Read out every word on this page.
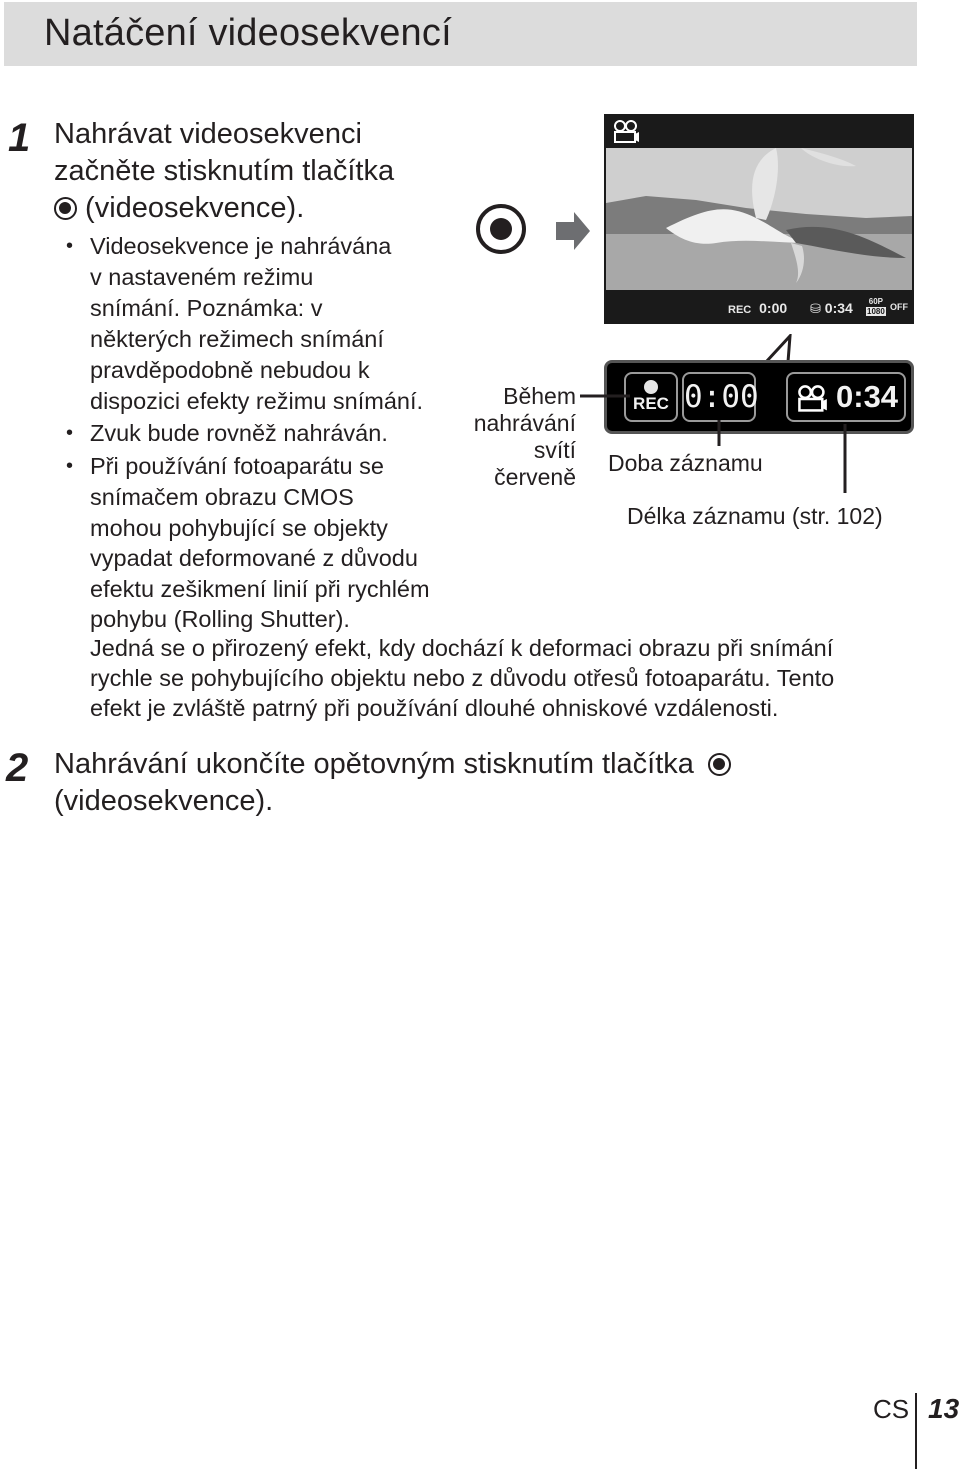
Natáčení videosekvencí
1 Nahrávat videosekvenci
začněte stisknutím tlačítka
(videosekvence).
• Videosekvence je nahrávána
v nastaveném režimu
snímání. Poznámka: v
některých režimech snímání
pravděpodobně nebudou k
dispozici efekty režimu snímání.
• Zvuk bude rovněž nahráván.
• Při používání fotoaparátu se
snímačem obrazu CMOS
mohou pohybující se objekty
vypadat deformované z důvodu
efektu zešikmení linií při rychlém
pohybu (Rolling Shutter).
Jedná se o přirozený efekt, kdy dochází k deformaci obrazu při snímání
rychle se pohybujícího objektu nebo z důvodu otřesů fotoaparátu. Tento
efekt je zvláště patrný při používání dlouhé ohniskové vzdálenosti.
REC 0:00 ⛁ 0:34	60P
1080 OFF
REC 0:00 0:34
Během
nahrávání
svítí
červeně
Doba záznamu
Délka záznamu (str. 102)
2 Nahrávání ukončíte opětovným stisknutím tlačítka
(videosekvence).
CS 13
